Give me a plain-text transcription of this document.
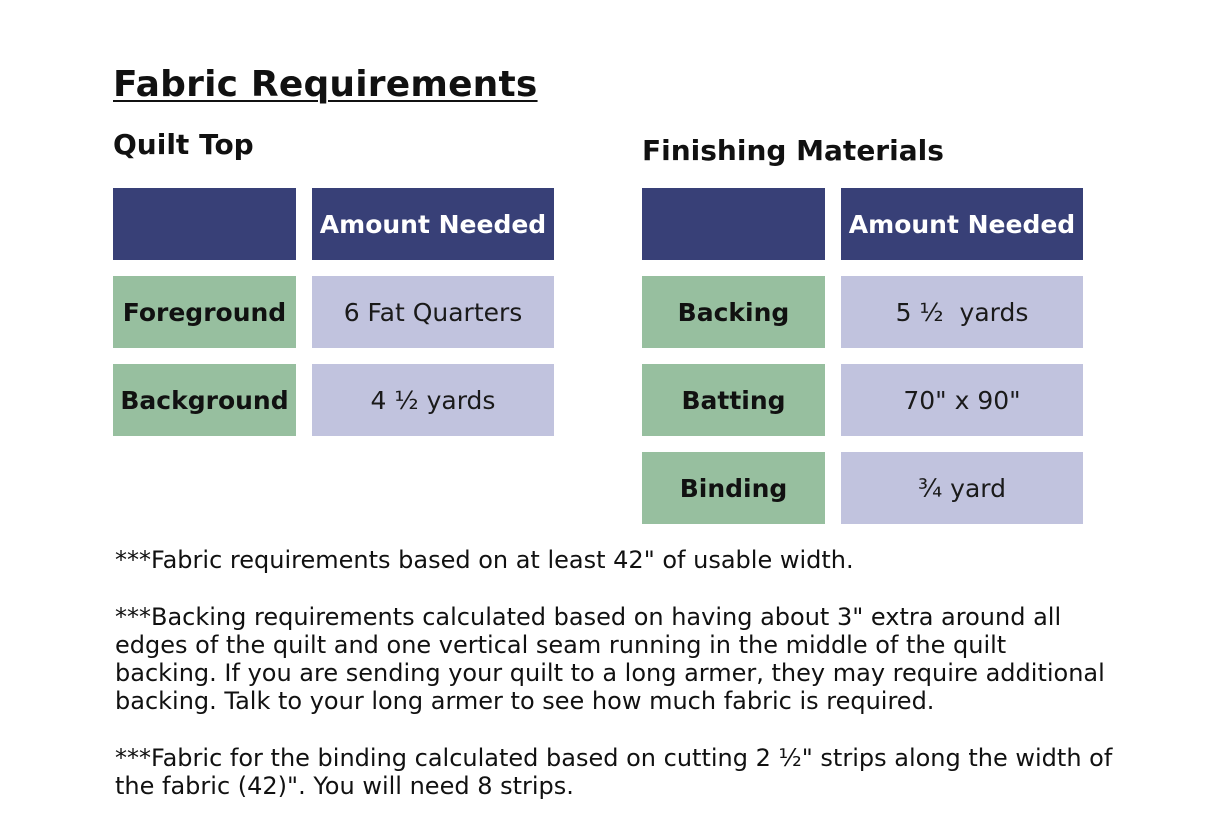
Fabric Requirements
Quilt Top
Amount Needed
Foreground	6 Fat Quarters
Background	4 ½ yards
Finishing Materials
Amount Needed
Backing	5 ½  yards
Batting	70" x 90"
Binding	¾ yard
***Fabric requirements based on at least 42" of usable width.
***Backing requirements calculated based on having about 3" extra around all edges of the quilt and one vertical seam running in the middle of the quilt backing. If you are sending your quilt to a long armer, they may require additional backing. Talk to your long armer to see how much fabric is required.
***Fabric for the binding calculated based on cutting 2 ½" strips along the width of the fabric (42)". You will need 8 strips.
